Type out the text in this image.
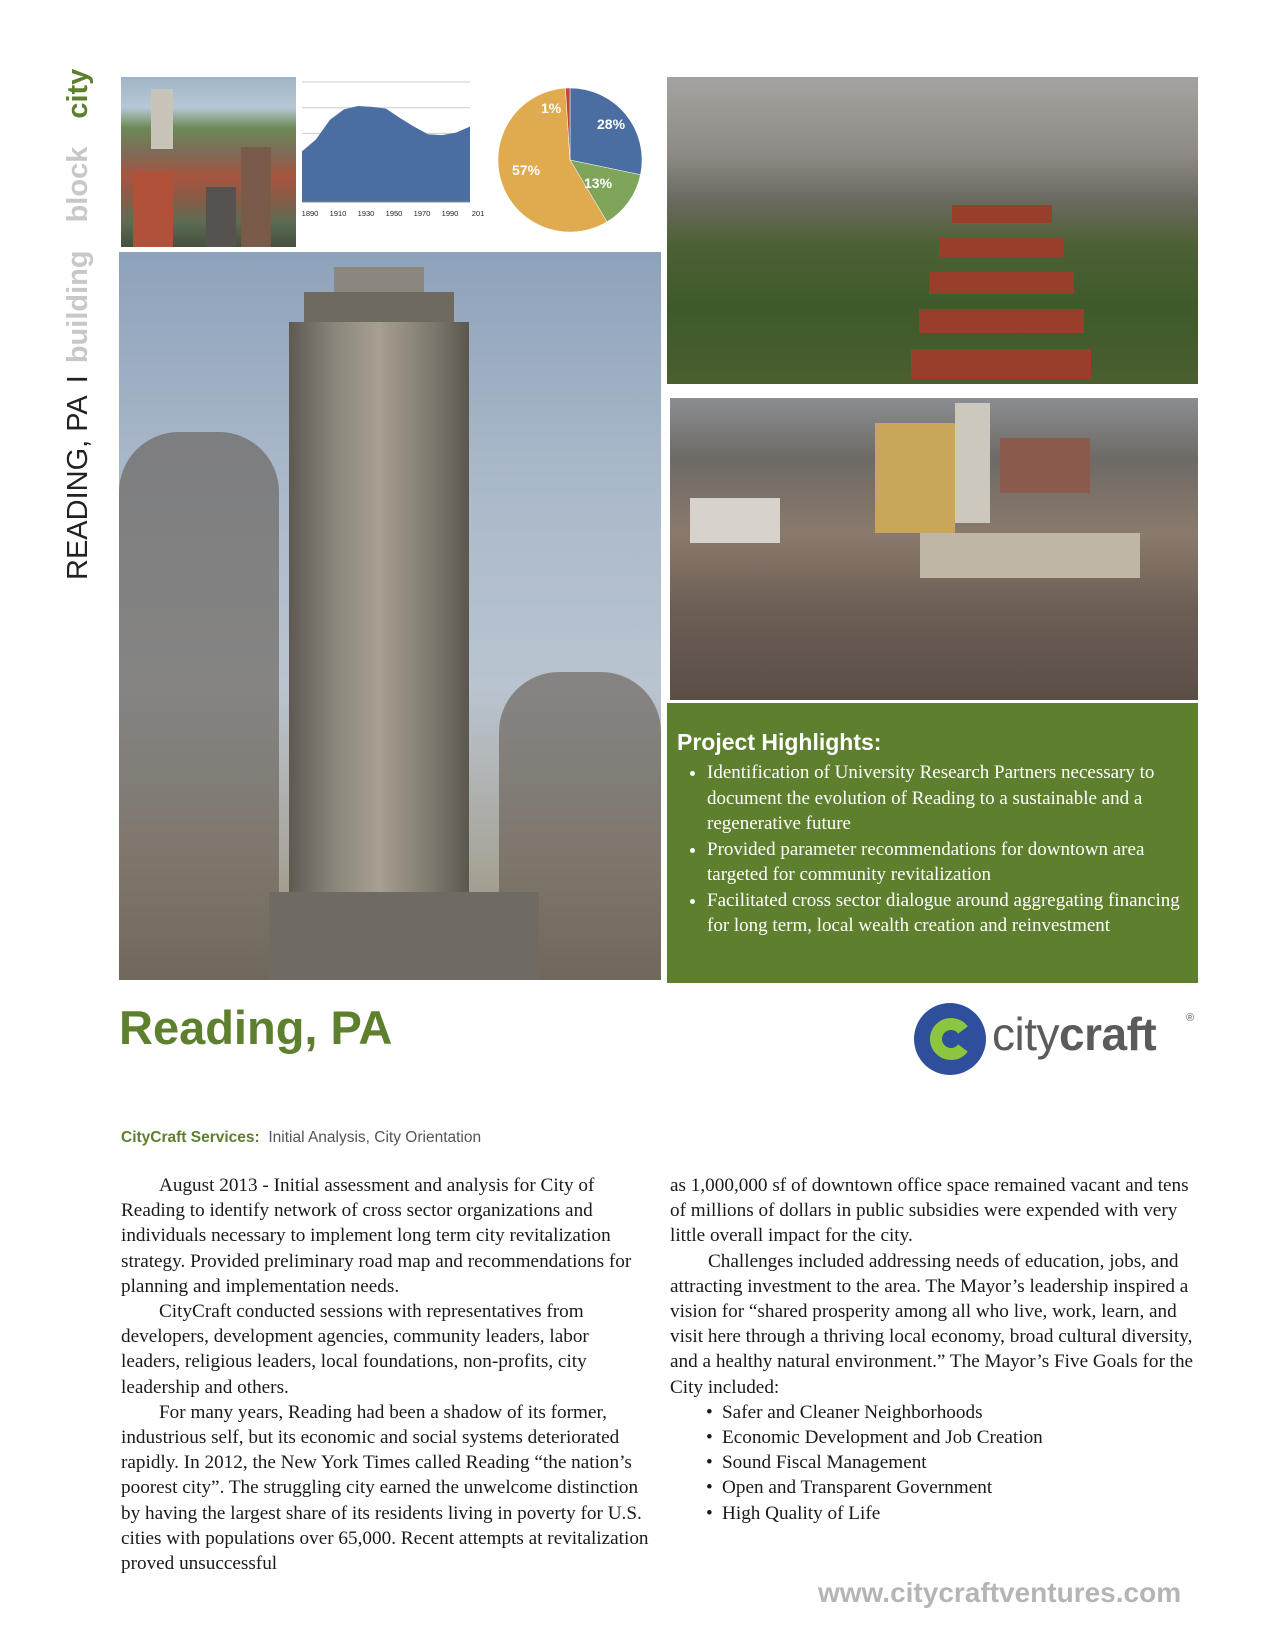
READING, PAIbuildingblockcity
1890 1910 1930 1950 1970 1990 201
28%
13%
57%
1%
Project Highlights:
• Identification of University Research Partners necessary to document the evolution of Reading to a sustainable and a regenerative future
• Provided parameter recommendations for downtown area targeted for community revitalization
• Facilitated cross sector dialogue around aggregating financing for long term, local wealth creation and reinvestment
Reading, PA	citycraft	®
CityCraft Services: Initial Analysis, City Orientation

August 2013 - Initial assessment and analysis for City of Reading to identify network of cross sector organizations and individuals necessary to implement long term city revitalization strategy. Provided preliminary road map and recommendations for planning and implementation needs.

CityCraft conducted sessions with representatives from developers, development agencies, community leaders, labor leaders, religious leaders, local foundations, non-profits, city leadership and others.

For many years, Reading had been a shadow of its former, industrious self, but its economic and social systems deteriorated rapidly. In 2012, the New York Times called Reading “the nation’s poorest city”. The struggling city earned the unwelcome distinction by having the largest share of its residents living in poverty for U.S. cities with populations over 65,000. Recent attempts at revitalization proved unsuccessful

as 1,000,000 sf of downtown office space remained vacant and tens of millions of dollars in public subsidies were expended with very little overall impact for the city.

Challenges included addressing needs of education, jobs, and attracting investment to the area. The Mayor’s leadership inspired a vision for “shared prosperity among all who live, work, learn, and visit here through a thriving local economy, broad cultural diversity, and a healthy natural environment.” The Mayor’s Five Goals for the City included:

• Safer and Cleaner Neighborhoods
• Economic Development and Job Creation
• Sound Fiscal Management
• Open and Transparent Government
• High Quality of Life
www.citycraftventures.com
